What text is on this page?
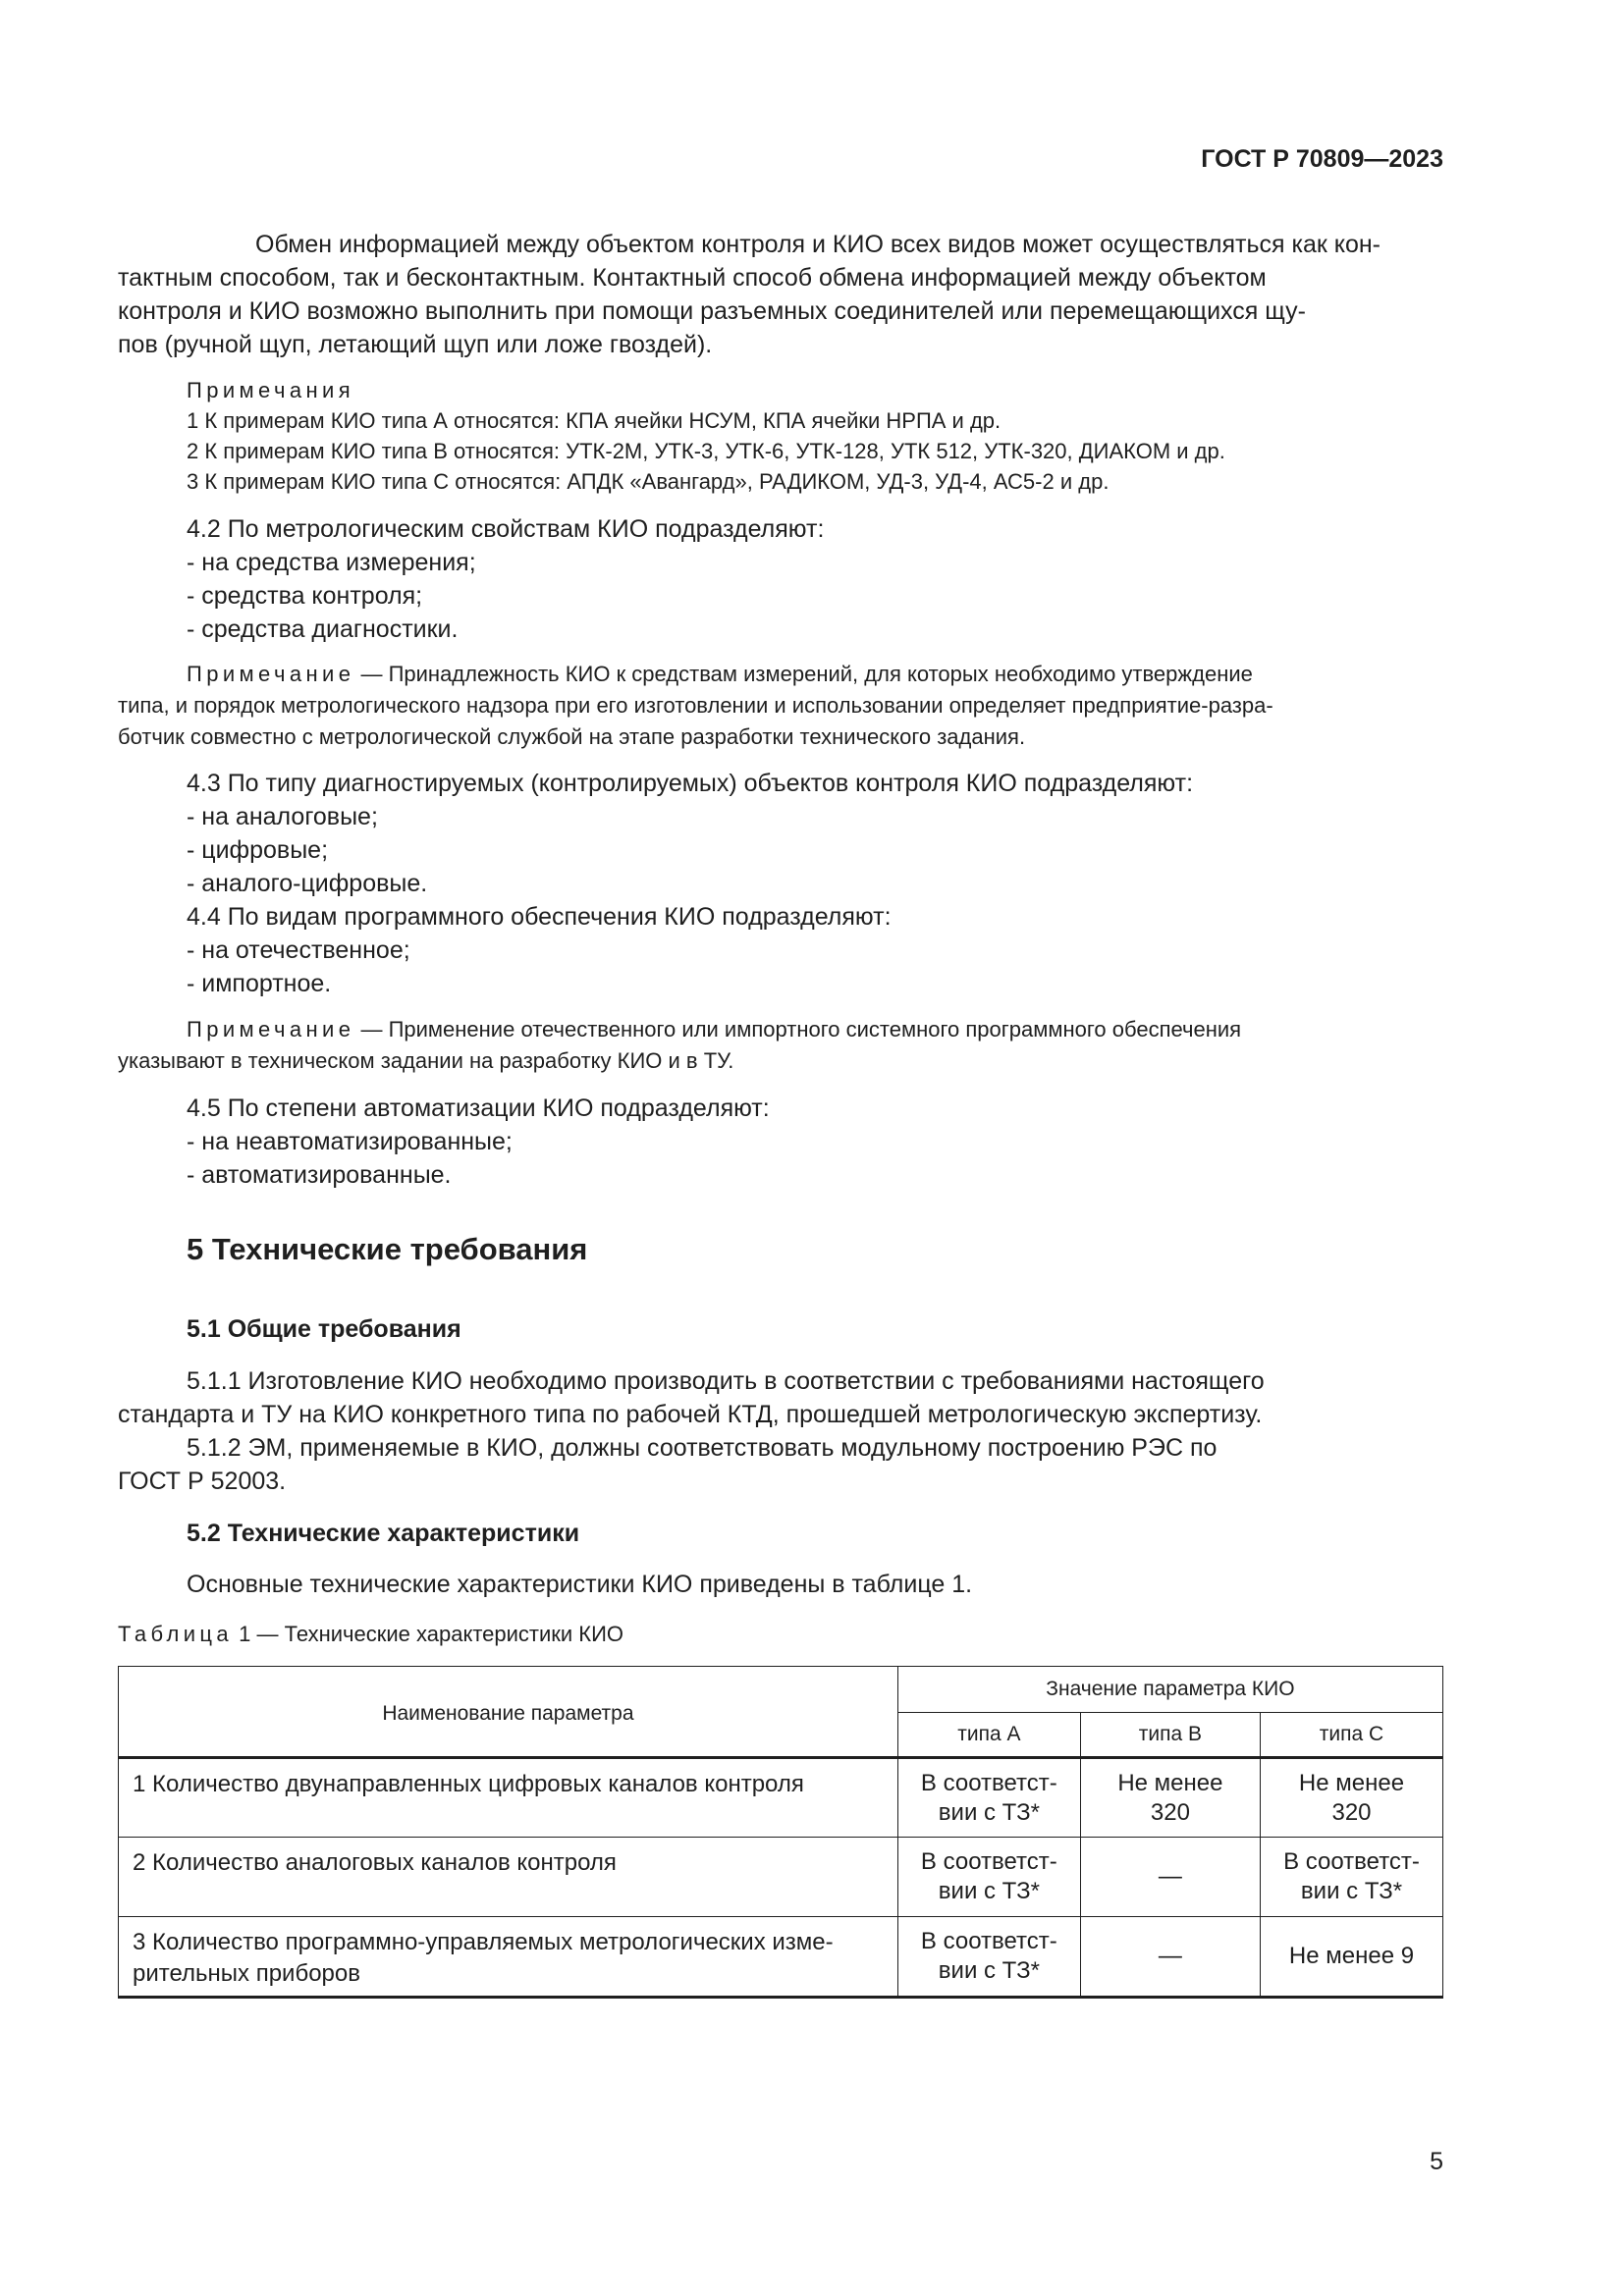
ГОСТ Р 70809—2023
Обмен информацией между объектом контроля и КИО всех видов может осуществляться как кон-
тактным способом, так и бесконтактным. Контактный способ обмена информацией между объектом
контроля и КИО возможно выполнить при помощи разъемных соединителей или перемещающихся щу-
пов (ручной щуп, летающий щуп или ложе гвоздей).
Примечания
1 К примерам КИО типа А относятся: КПА ячейки НСУМ, КПА ячейки НРПА и др.
2 К примерам КИО типа В относятся: УТК-2М, УТК-3, УТК-6, УТК-128, УТК 512, УТК-320, ДИАКОМ и др.
3 К примерам КИО типа С относятся: АПДК «Авангард», РАДИКОМ, УД-3, УД-4, АС5-2 и др.
4.2 По метрологическим свойствам КИО подразделяют:
- на средства измерения;
- средства контроля;
- средства диагностики.
Примечание — Принадлежность КИО к средствам измерений, для которых необходимо утверждение
типа, и порядок метрологического надзора при его изготовлении и использовании определяет предприятие-разра-
ботчик совместно с метрологической службой на этапе разработки технического задания.
4.3 По типу диагностируемых (контролируемых) объектов контроля КИО подразделяют:
- на аналоговые;
- цифровые;
- аналого-цифровые.
4.4 По видам программного обеспечения КИО подразделяют:
- на отечественное;
- импортное.
Примечание — Применение отечественного или импортного системного программного обеспечения
указывают в техническом задании на разработку КИО и в ТУ.
4.5 По степени автоматизации КИО подразделяют:
- на неавтоматизированные;
- автоматизированные.
5 Технические требования
5.1 Общие требования
5.1.1 Изготовление КИО необходимо производить в соответствии с требованиями настоящего
стандарта и ТУ на КИО конкретного типа по рабочей КТД, прошедшей метрологическую экспертизу.
5.1.2 ЭМ, применяемые в КИО, должны соответствовать модульному построению РЭС по
ГОСТ Р 52003.
5.2 Технические характеристики
Основные технические характеристики КИО приведены в таблице 1.
Таблица 1 — Технические характеристики КИО
Наименование параметра	Значение параметра КИО		
	типа А	типа В	типа С

1 Количество двунаправленных цифровых каналов контроля	В соответст-
вии с ТЗ*	Не менее
320	Не менее
320

2 Количество аналоговых каналов контроля	В соответст-
вии с ТЗ*	—	В соответст-
вии с ТЗ*

3 Количество программно-управляемых метрологических изме-
рительных приборов	В соответст-
вии с ТЗ*	—	Не менее 9
5
